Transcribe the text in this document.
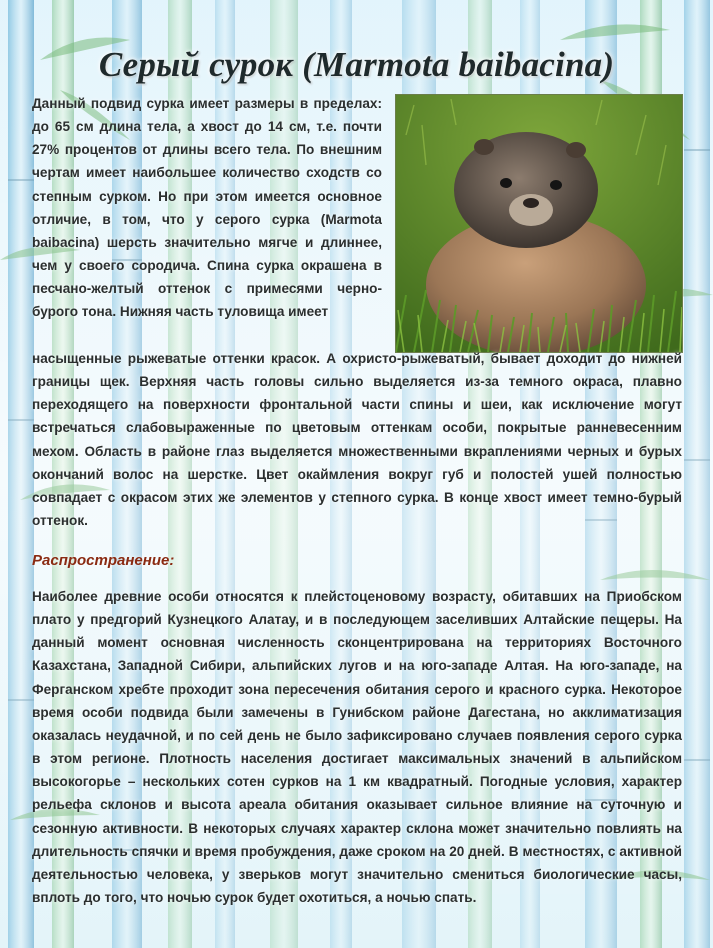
Серый сурок (Marmota baibacina)

Данный подвид сурка имеет размеры в пределах: до 65 см длина тела, а хвост до 14 см, т.е. почти 27% процентов от длины всего тела. По внешним чертам имеет наибольшее количество сходств со степным сурком. Но при этом имеется основное отличие, в том, что у серого сурка (Marmota baibacina) шерсть значительно мягче и длиннее, чем у своего сородича. Спина сурка окрашена в песчано-желтый оттенок с примесями черно-бурого тона. Нижняя часть туловища имеет

насыщенные рыжеватые оттенки красок. А охристо-рыжеватый, бывает доходит до нижней границы щек. Верхняя часть головы сильно выделяется из-за темного окраса, плавно переходящего на поверхности фронтальной части спины и шеи, как исключение могут встречаться слабовыраженные по цветовым оттенкам особи, покрытые ранневесенним мехом. Область в районе глаз выделяется множественными вкраплениями черных и бурых окончаний волос на шерстке. Цвет окаймления вокруг губ и полостей ушей полностью совпадает с окрасом этих же элементов у степного сурка. В конце хвост имеет темно-бурый оттенок.

Распространение:

Наиболее древние особи относятся к плейстоценовому возрасту, обитавших на Приобском плато у предгорий Кузнецкого Алатау, и в последующем заселивших Алтайские пещеры. На данный момент основная численность сконцентрирована на территориях Восточного Казахстана, Западной Сибири, альпийских лугов и на юго-западе Алтая. На юго-западе, на Ферганском хребте проходит зона пересечения обитания серого и красного сурка. Некоторое время особи подвида были замечены в Гунибском районе Дагестана, но акклиматизация оказалась неудачной, и по сей день не было зафиксировано случаев появления серого сурка в этом регионе. Плотность населения достигает максимальных значений в альпийском высокогорье – нескольких сотен сурков на 1 км квадратный. Погодные условия, характер рельефа склонов и высота ареала обитания оказывает сильное влияние на суточную и сезонную активности. В некоторых случаях характер склона может значительно повлиять на длительность спячки и время пробуждения, даже сроком на 20 дней. В местностях, с активной деятельностью человека, у зверьков могут значительно смениться биологические часы, вплоть до того, что ночью сурок будет охотиться, а ночью спать.
